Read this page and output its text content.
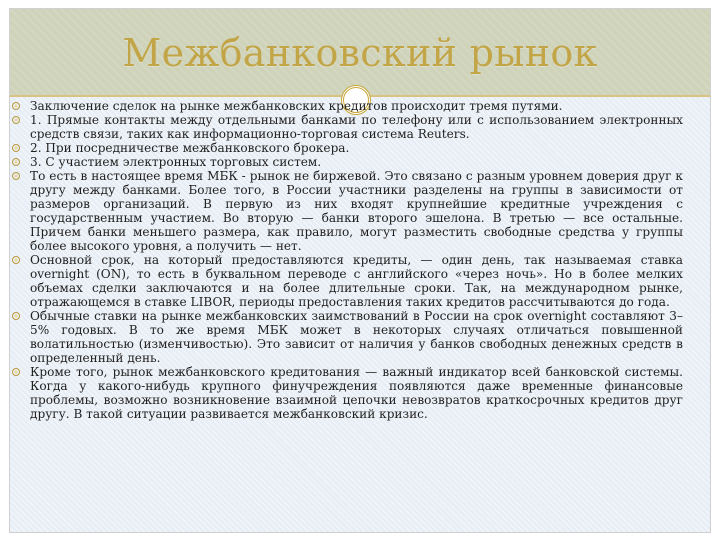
Межбанковский рынок
Заключение сделок на рынке межбанковских кредитов происходит тремя путями.
1. Прямые контакты между отдельными банками по телефону или с использованием электронных средств связи, таких как информационно-торговая система Reuters.
2. При посредничестве межбанковского брокера.
3. С участием электронных торговых систем.
То есть в настоящее время МБК - рынок не биржевой. Это связано с разным уровнем доверия друг к другу между банками. Более того, в России участники разделены на группы в зависимости от размеров организаций. В первую из них входят крупнейшие кредитные учреждения с государственным участием. Во вторую — банки второго эшелона. В третью — все остальные. Причем банки меньшего размера, как правило, могут разместить свободные средства у группы более высокого уровня, а получить — нет.
Основной срок, на который предоставляются кредиты, — один день, так называемая ставка overnight (ON), то есть в буквальном переводе с английского «через ночь». Но в более мелких объемах сделки заключаются и на более длительные сроки. Так, на международном рынке, отражающемся в ставке LIBOR, периоды предоставления таких кредитов рассчитываются до года.
Обычные ставки на рынке межбанковских заимствований в России на срок overnight составляют 3–5% годовых. В то же время МБК может в некоторых случаях отличаться повышенной волатильностью (изменчивостью). Это зависит от наличия у банков свободных денежных средств в определенный день.
Кроме того, рынок межбанковского кредитования — важный индикатор всей банковской системы. Когда у какого-нибудь крупного финучреждения появляются даже временные финансовые проблемы, возможно возникновение взаимной цепочки невозвратов краткосрочных кредитов друг другу. В такой ситуации развивается межбанковский кризис.
